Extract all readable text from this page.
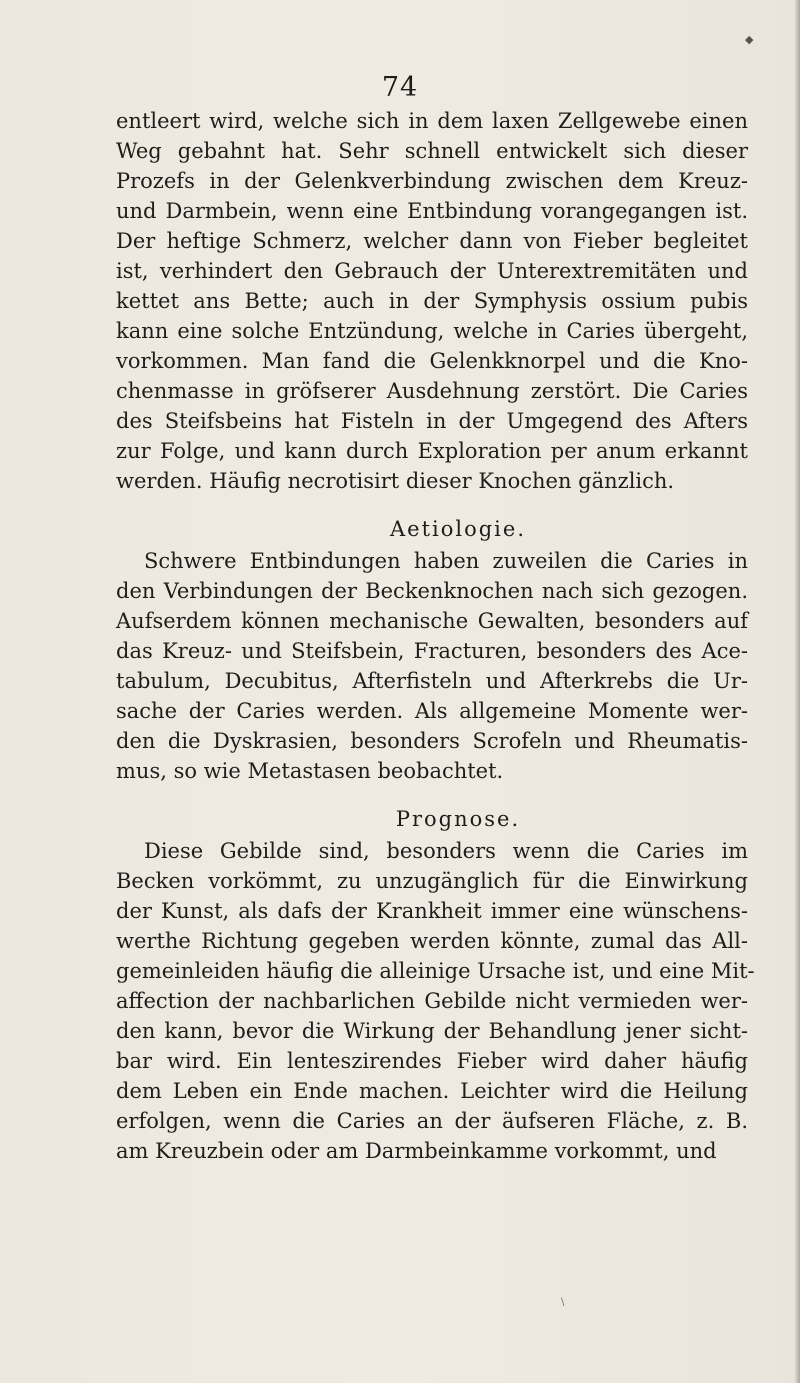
◆
74
entleert wird, welche sich in dem laxen Zellgewebe einen
Weg gebahnt hat. Sehr schnell entwickelt sich dieser
Prozefs in der Gelenkverbindung zwischen dem Kreuz-
und Darmbein, wenn eine Entbindung vorangegangen ist.
Der heftige Schmerz, welcher dann von Fieber begleitet
ist, verhindert den Gebrauch der Unterextremitäten und
kettet ans Bette; auch in der Symphysis ossium pubis
kann eine solche Entzündung, welche in Caries übergeht,
vorkommen. Man fand die Gelenkknorpel und die Kno-
chenmasse in gröfserer Ausdehnung zerstört. Die Caries
des Steifsbeins hat Fisteln in der Umgegend des Afters
zur Folge, und kann durch Exploration per anum erkannt
werden. Häufig necrotisirt dieser Knochen gänzlich.
Aetiologie.
Schwere Entbindungen haben zuweilen die Caries in
den Verbindungen der Beckenknochen nach sich gezogen.
Aufserdem können mechanische Gewalten, besonders auf
das Kreuz- und Steifsbein, Fracturen, besonders des Ace-
tabulum, Decubitus, Afterfisteln und Afterkrebs die Ur-
sache der Caries werden. Als allgemeine Momente wer-
den die Dyskrasien, besonders Scrofeln und Rheumatis-
mus, so wie Metastasen beobachtet.
Prognose.
Diese Gebilde sind, besonders wenn die Caries im
Becken vorkömmt, zu unzugänglich für die Einwirkung
der Kunst, als dafs der Krankheit immer eine wünschens-
werthe Richtung gegeben werden könnte, zumal das All-
gemeinleiden häufig die alleinige Ursache ist, und eine Mit-
affection der nachbarlichen Gebilde nicht vermieden wer-
den kann, bevor die Wirkung der Behandlung jener sicht-
bar wird. Ein lenteszirendes Fieber wird daher häufig
dem Leben ein Ende machen. Leichter wird die Heilung
erfolgen, wenn die Caries an der äufseren Fläche, z. B.
am Kreuzbein oder am Darmbeinkamme vorkommt, und
\
